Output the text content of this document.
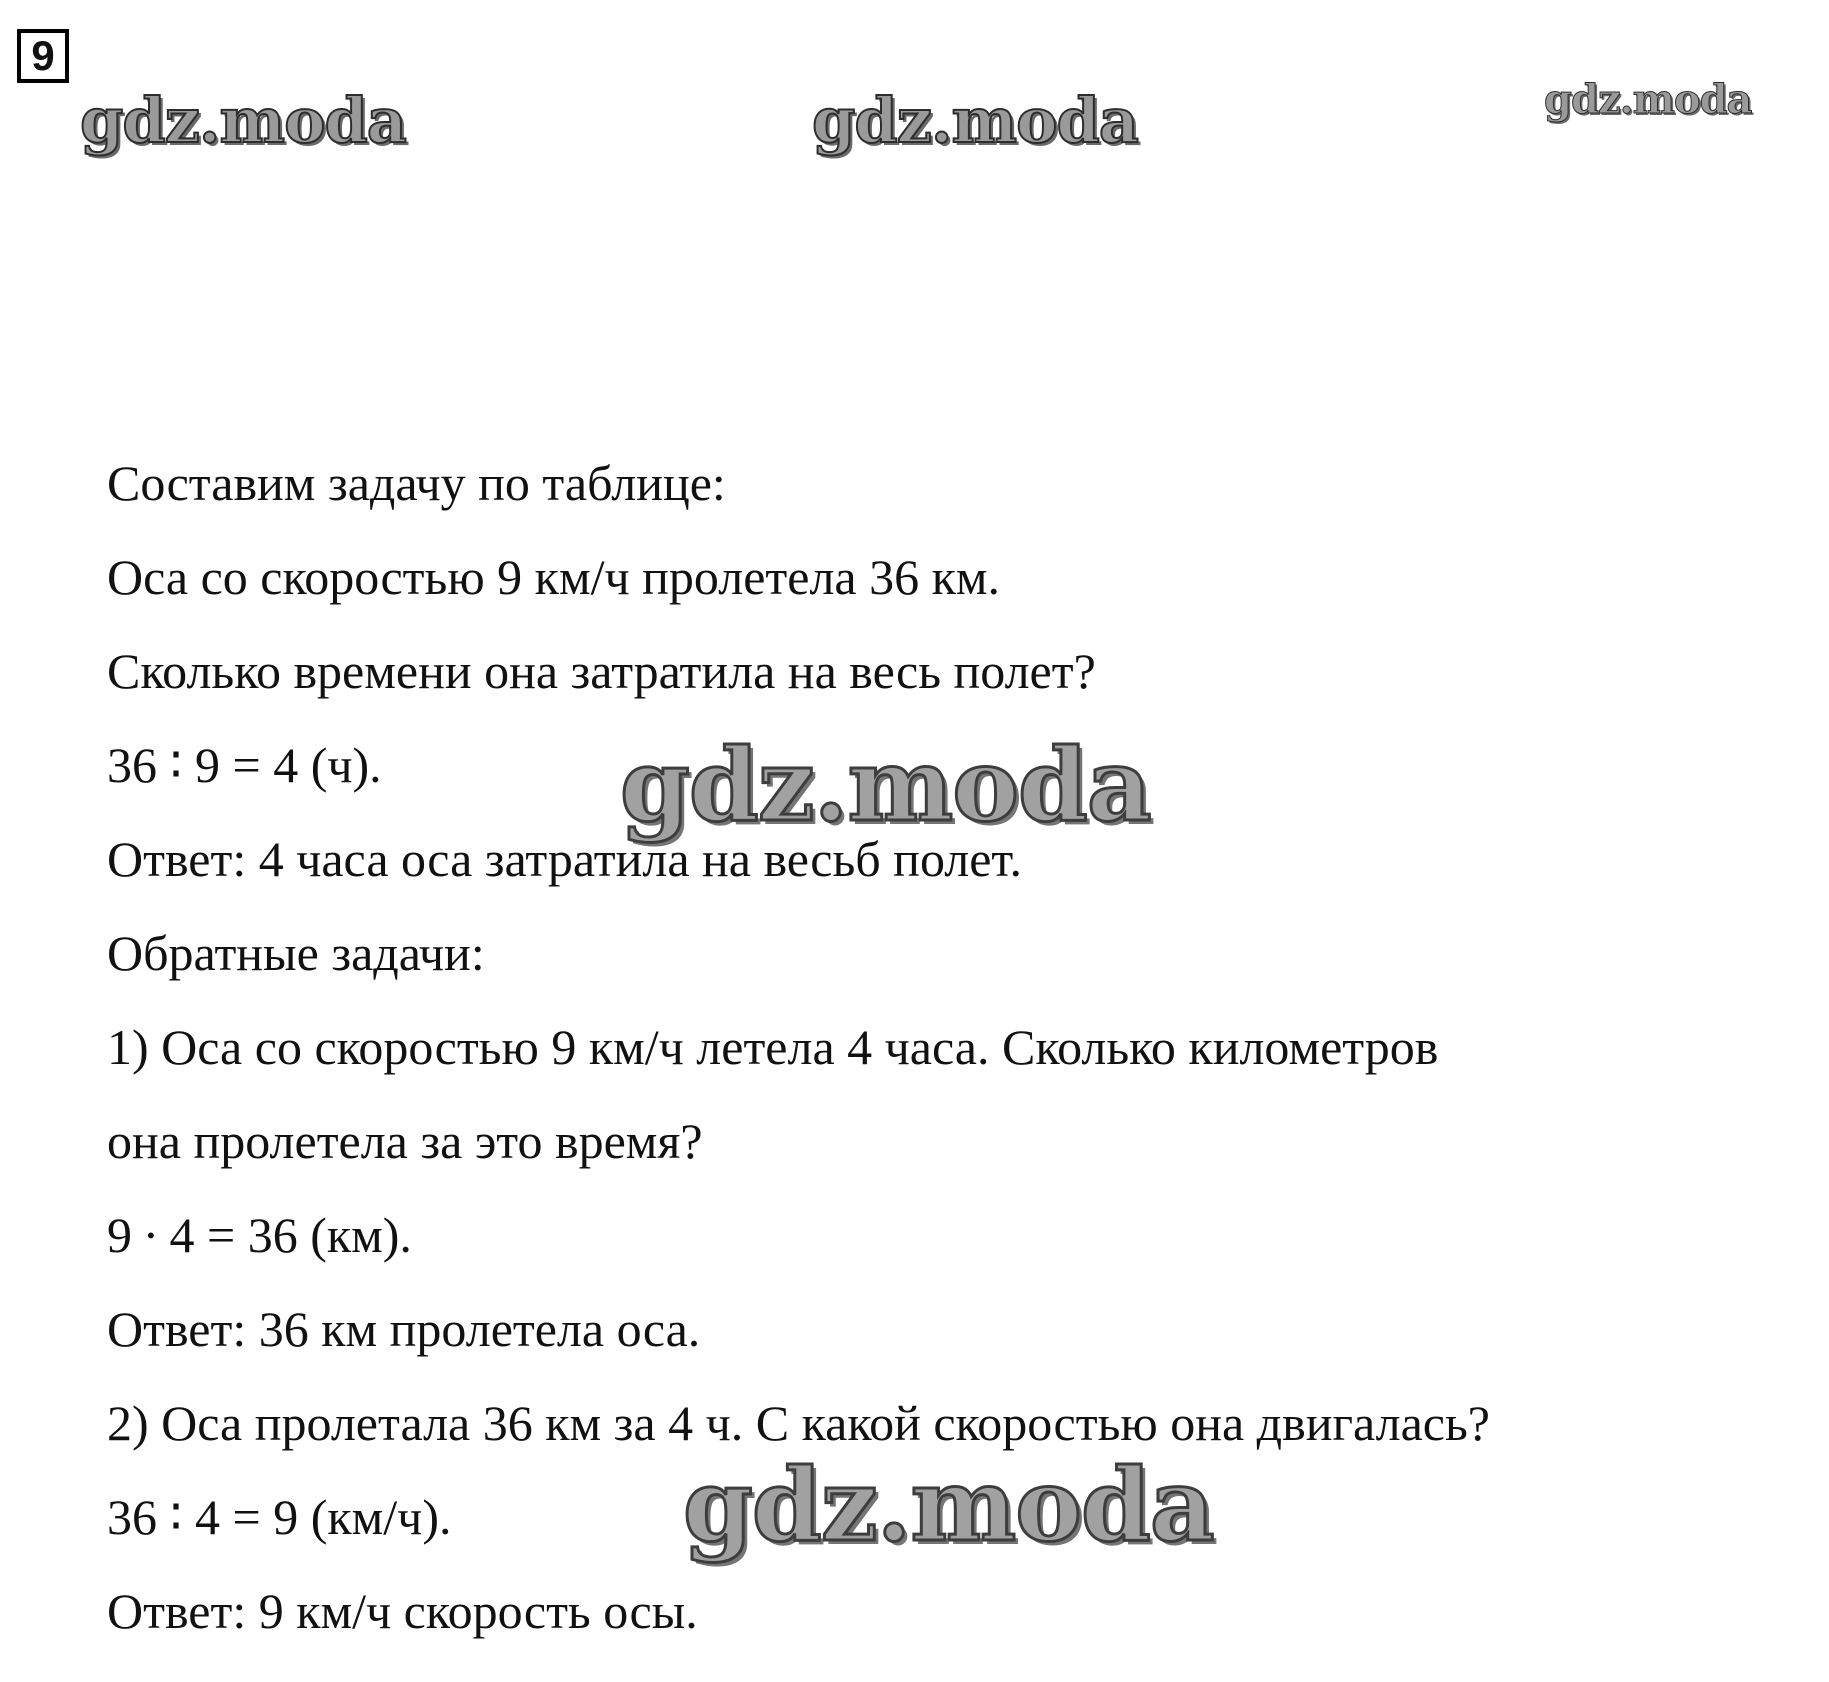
9
Составим задачу по таблице:
Оса со скоростью 9 км/ч пролетела 36 км.
Сколько времени она затратила на весь полет?
36 ∶ 9 = 4 (ч).
Ответ: 4 часа оса затратила на весьб полет.
Обратные задачи:
1) Оса со скоростью 9 км/ч летела 4 часа. Сколько километров
она пролетела за это время?
9 ∙ 4 = 36 (км).
Ответ: 36 км пролетела оса.
2) Оса пролетала 36 км за 4 ч. С какой скоростью она двигалась?
36 ∶ 4 = 9 (км/ч).
Ответ: 9 км/ч скорость осы.
gdz.moda	gdz.moda	gdz.moda
gdz.moda
gdz.moda
